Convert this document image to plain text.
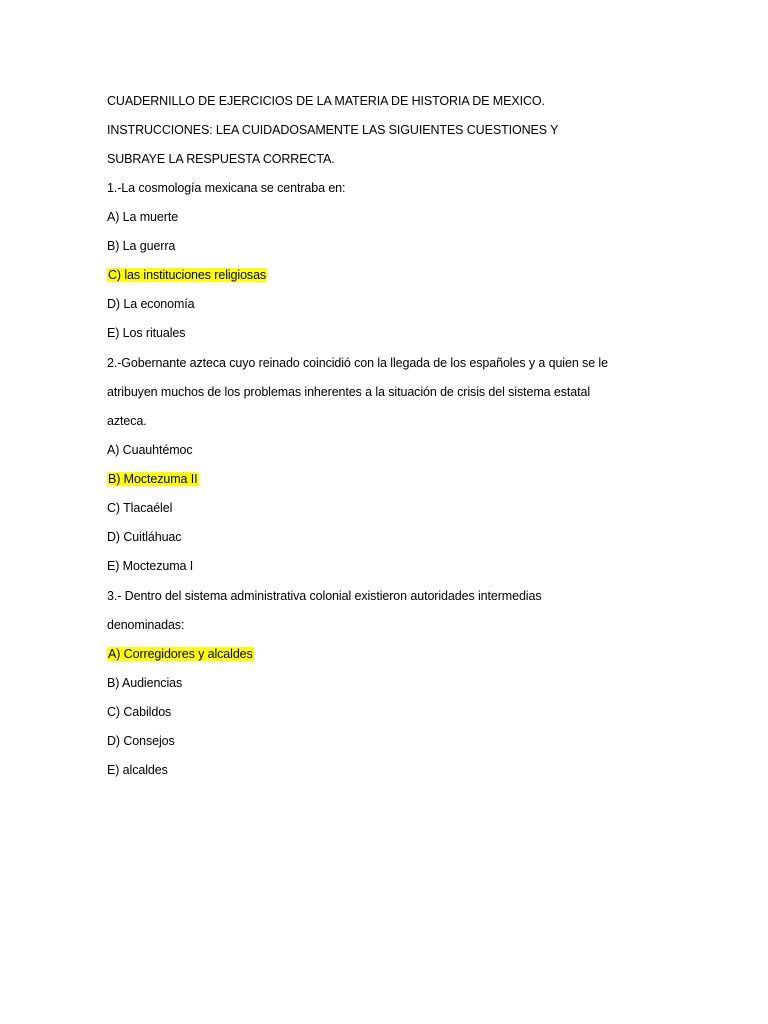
CUADERNILLO DE EJERCICIOS DE LA MATERIA DE HISTORIA DE MEXICO.
INSTRUCCIONES: LEA CUIDADOSAMENTE LAS SIGUIENTES CUESTIONES Y
SUBRAYE LA RESPUESTA CORRECTA.
1.-La cosmología mexicana se centraba en:
A) La muerte
B) La guerra
C) las instituciones religiosas
D) La economía
E) Los rituales
2.-Gobernante azteca cuyo reinado coincidió con la llegada de los españoles y a quien se le
atribuyen muchos de los problemas inherentes a la situación de crisis del sistema estatal
azteca.
A) Cuauhtémoc
B) Moctezuma II
C) Tlacaélel
D) Cuitláhuac
E) Moctezuma I
3.- Dentro del sistema administrativa colonial existieron autoridades intermedias
denominadas:
A) Corregidores y alcaldes
B) Audiencias
C) Cabildos
D) Consejos
E) alcaldes
